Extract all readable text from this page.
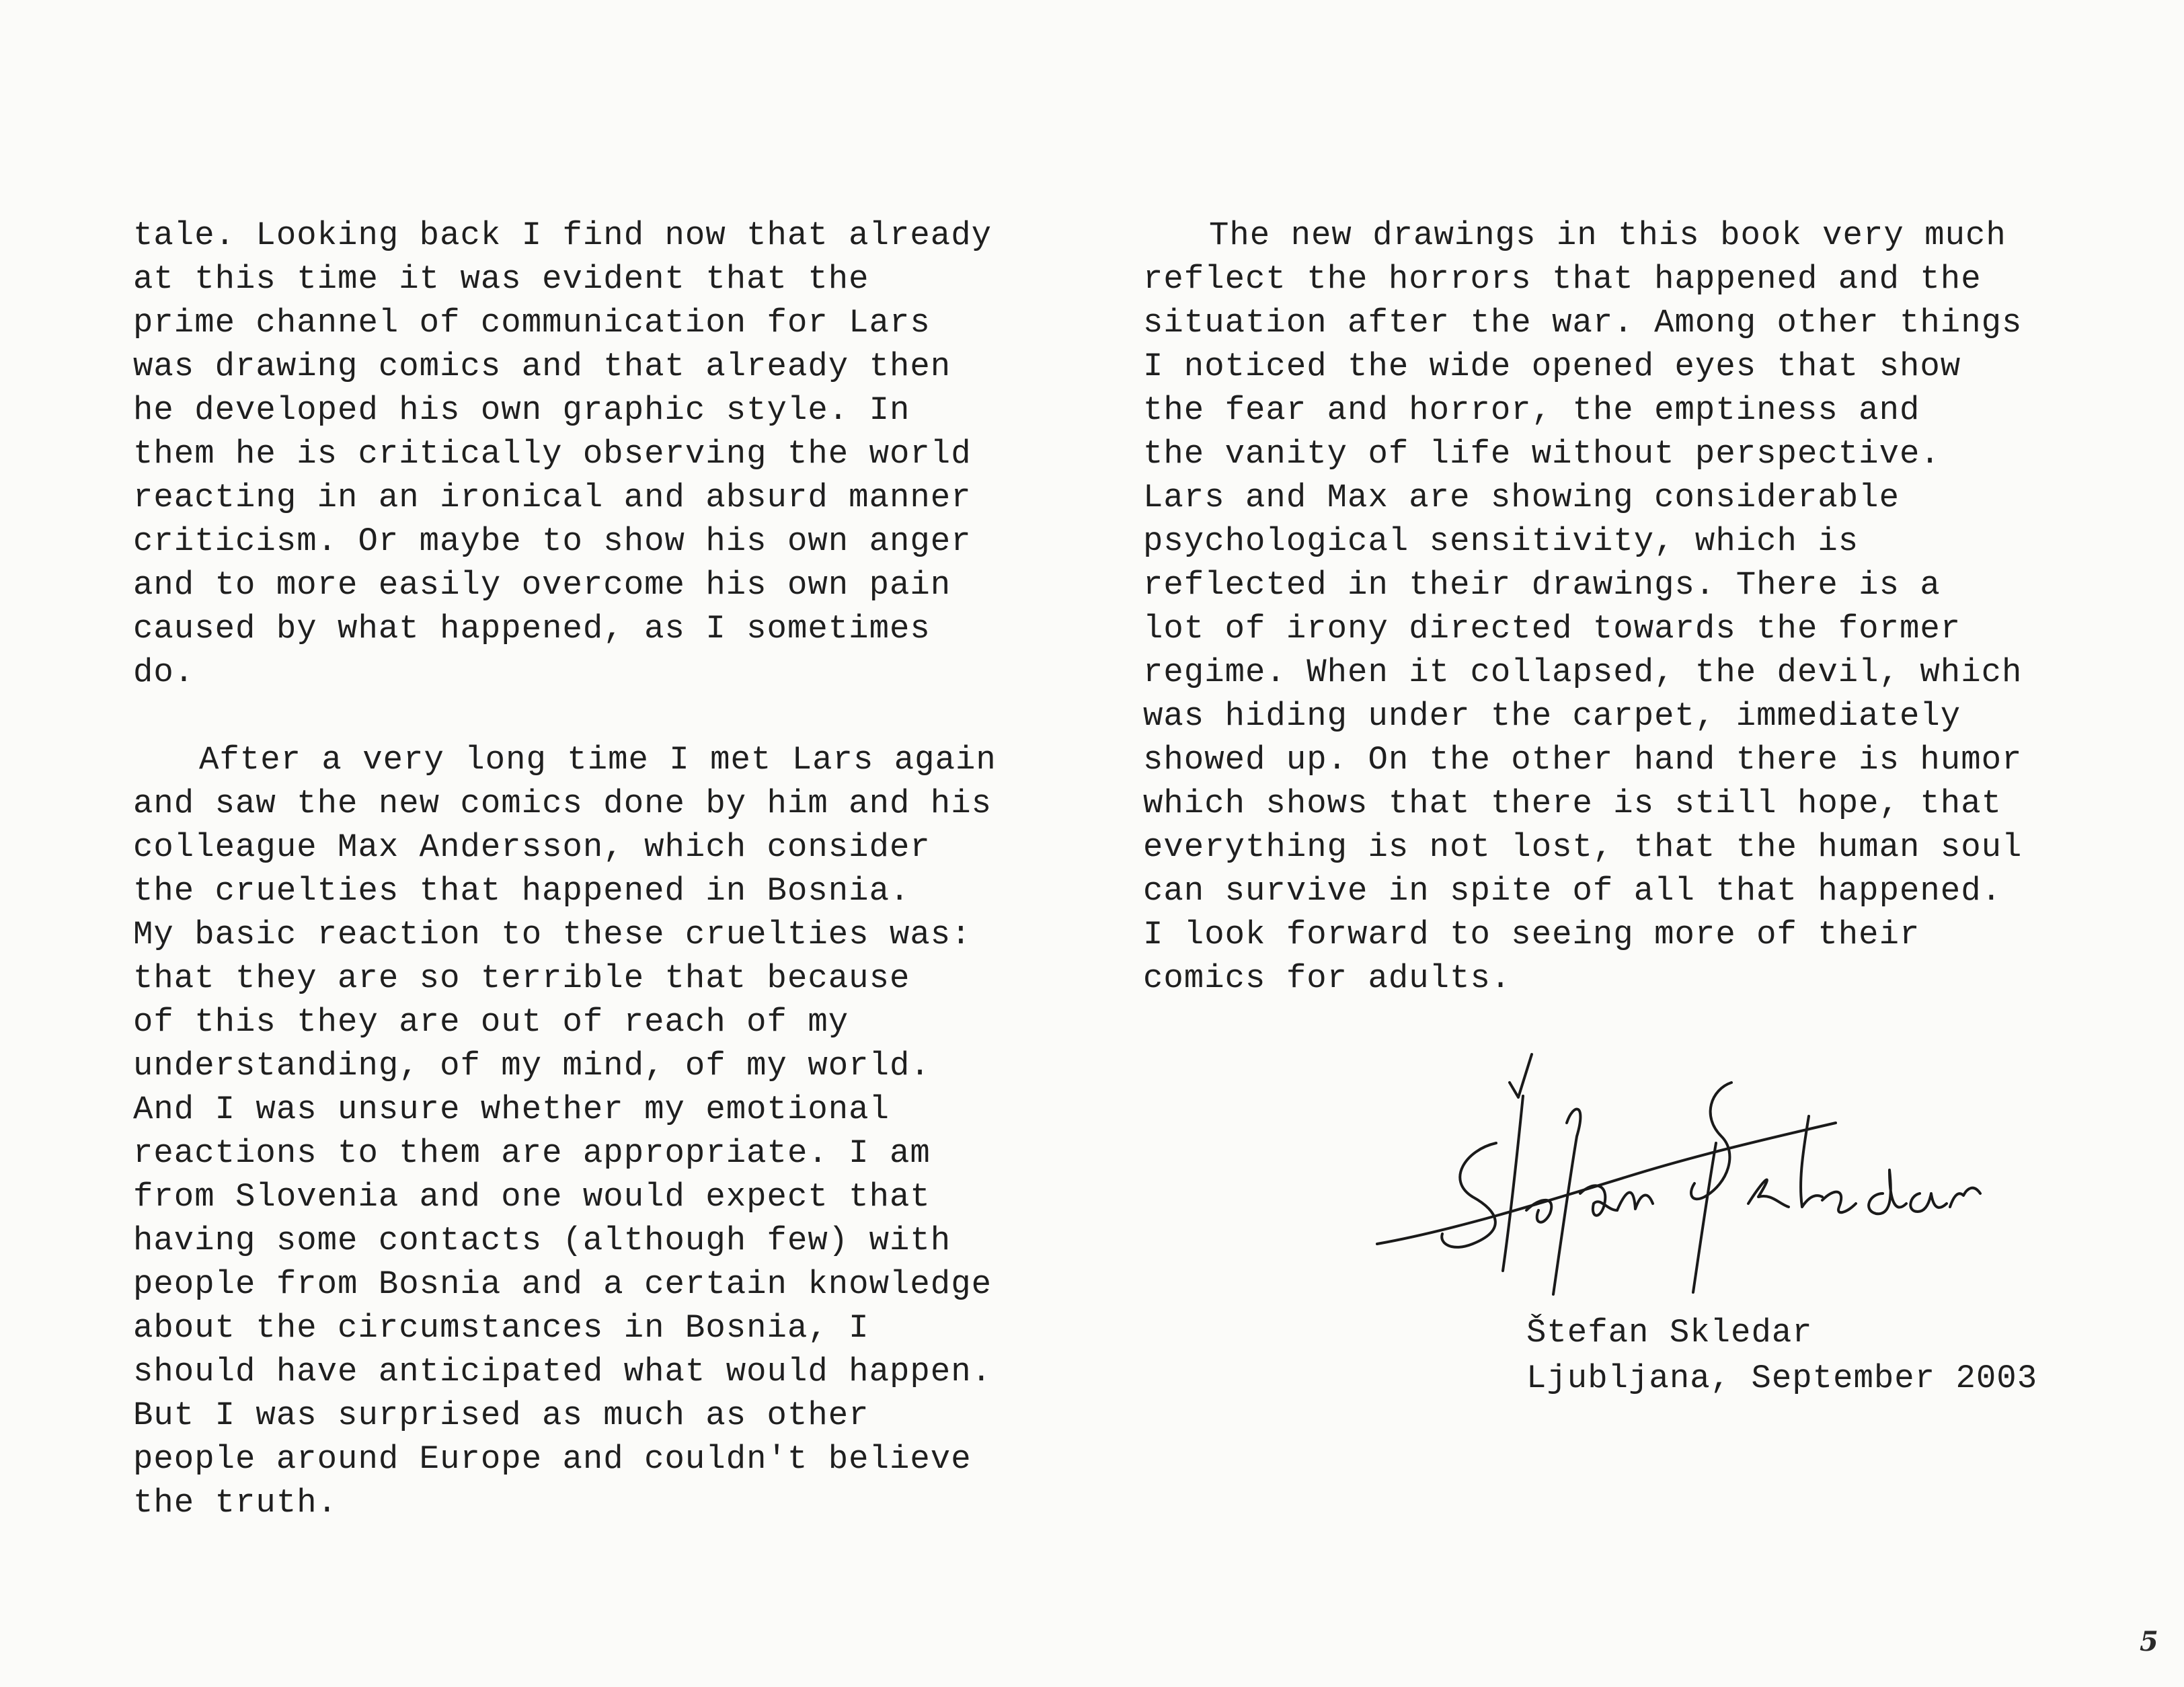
tale. Looking back I find now that already
at this time it was evident that the
prime channel of communication for Lars
was drawing comics and that already then
he developed his own graphic style. In
them he is critically observing the world
reacting in an ironical and absurd manner
criticism. Or maybe to show his own anger
and to more easily overcome his own pain
caused by what happened, as I sometimes
do.
After a very long time I met Lars again
and saw the new comics done by him and his
colleague Max Andersson, which consider
the cruelties that happened in Bosnia.
My basic reaction to these cruelties was:
that they are so terrible that because
of this they are out of reach of my
understanding, of my mind, of my world.
And I was unsure whether my emotional
reactions to them are appropriate. I am
from Slovenia and one would expect that
having some contacts (although few) with
people from Bosnia and a certain knowledge
about the circumstances in Bosnia, I
should have anticipated what would happen.
But I was surprised as much as other
people around Europe and couldn't believe
the truth.
The new drawings in this book very much
reflect the horrors that happened and the
situation after the war. Among other things
I noticed the wide opened eyes that show
the fear and horror, the emptiness and
the vanity of life without perspective.
Lars and Max are showing considerable
psychological sensitivity, which is
reflected in their drawings. There is a
lot of irony directed towards the former
regime. When it collapsed, the devil, which
was hiding under the carpet, immediately
showed up. On the other hand there is humor
which shows that there is still hope, that
everything is not lost, that the human soul
can survive in spite of all that happened.
I look forward to seeing more of their
comics for adults.
Štefan Skledar
Ljubljana, September 2003
5
